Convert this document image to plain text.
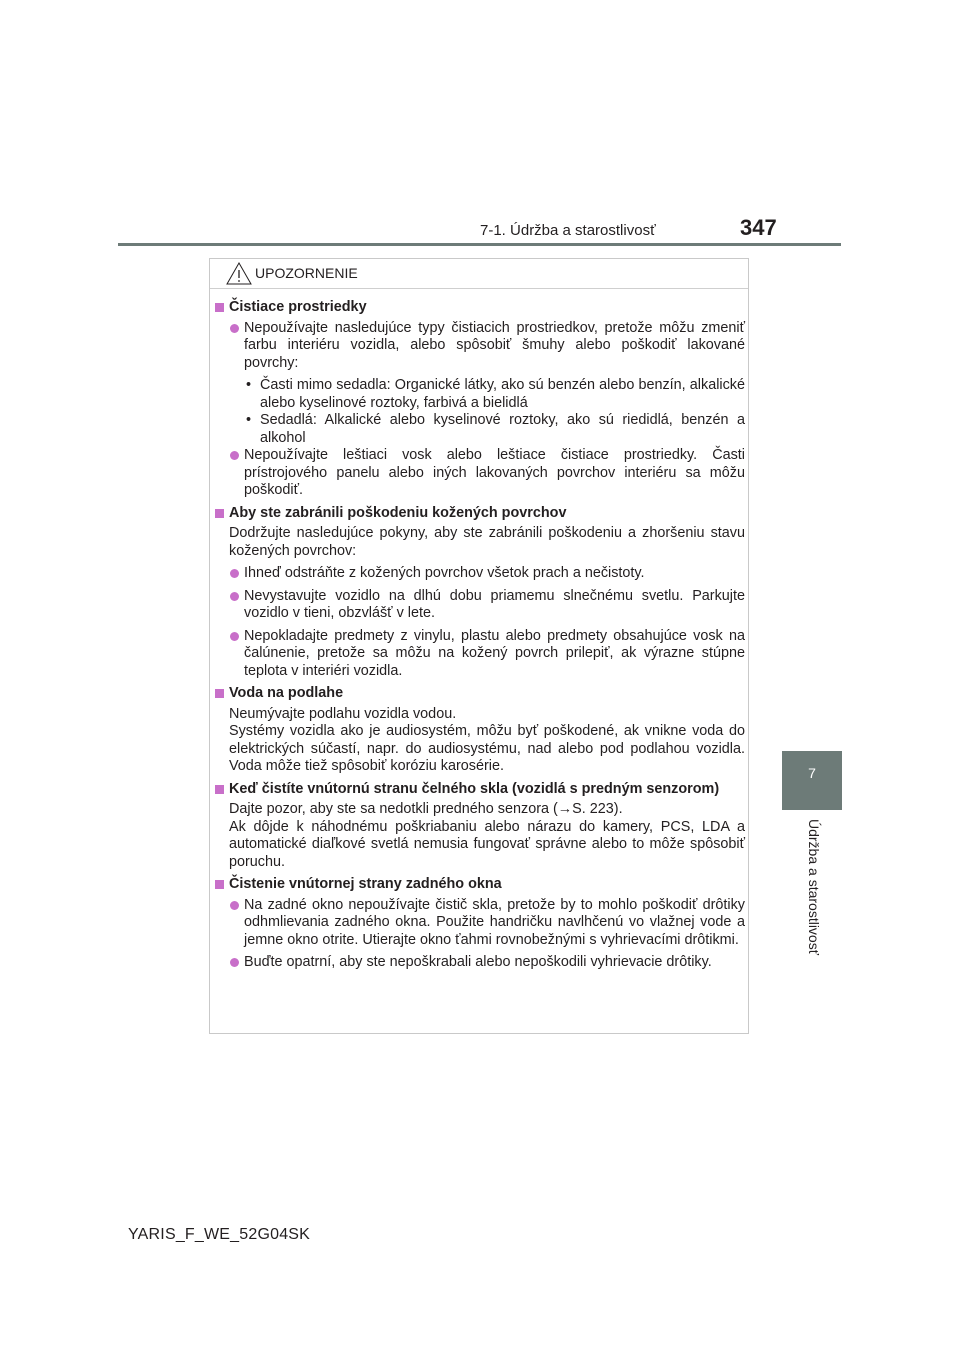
7-1. Údržba a starostlivosť	347
7
Údržba a starostlivosť
UPOZORNENIE

Čistiace prostriedky

Nepoužívajte nasledujúce typy čistiacich prostriedkov, pretože môžu zmeniť farbu interiéru vozidla, alebo spôsobiť šmuhy alebo poškodiť lakované povrchy:

• Časti mimo sedadla: Organické látky, ako sú benzén alebo benzín, alkalické alebo kyselinové roztoky, farbivá a bielidlá

• Sedadlá: Alkalické alebo kyselinové roztoky, ako sú riedidlá, benzén a alkohol

Nepoužívajte leštiaci vosk alebo leštiace čistiace prostriedky. Časti prístrojového panelu alebo iných lakovaných povrchov interiéru sa môžu poškodiť.

Aby ste zabránili poškodeniu kožených povrchov

Dodržujte nasledujúce pokyny, aby ste zabránili poškodeniu a zhoršeniu stavu kožených povrchov:

Ihneď odstráňte z kožených povrchov všetok prach a nečistoty.

Nevystavujte vozidlo na dlhú dobu priamemu slnečnému svetlu. Parkujte vozidlo v tieni, obzvlášť v lete.

Nepokladajte predmety z vinylu, plastu alebo predmety obsahujúce vosk na čalúnenie, pretože sa môžu na kožený povrch prilepiť, ak výrazne stúpne teplota v interiéri vozidla.

Voda na podlahe

Neumývajte podlahu vozidla vodou.

Systémy vozidla ako je audiosystém, môžu byť poškodené, ak vnikne voda do elektrických súčastí, napr. do audiosystému, nad alebo pod podlahou vozidla. Voda môže tiež spôsobiť koróziu karosérie.

Keď čistíte vnútornú stranu čelného skla (vozidlá s predným senzorom)

Dajte pozor, aby ste sa nedotkli predného senzora (→S. 223).

Ak dôjde k náhodnému poškriabaniu alebo nárazu do kamery, PCS, LDA a automatické diaľkové svetlá nemusia fungovať správne alebo to môže spôsobiť poruchu.

Čistenie vnútornej strany zadného okna

Na zadné okno nepoužívajte čistič skla, pretože by to mohlo poškodiť drôtiky odhmlievania zadného okna. Použite handričku navlhčenú vo vlažnej vode a jemne okno otrite. Utierajte okno ťahmi rovnobežnými s vyhrievacími drôtikmi.

Buďte opatrní, aby ste nepoškrabali alebo nepoškodili vyhrievacie drôtiky.

YARIS_F_WE_52G04SK
